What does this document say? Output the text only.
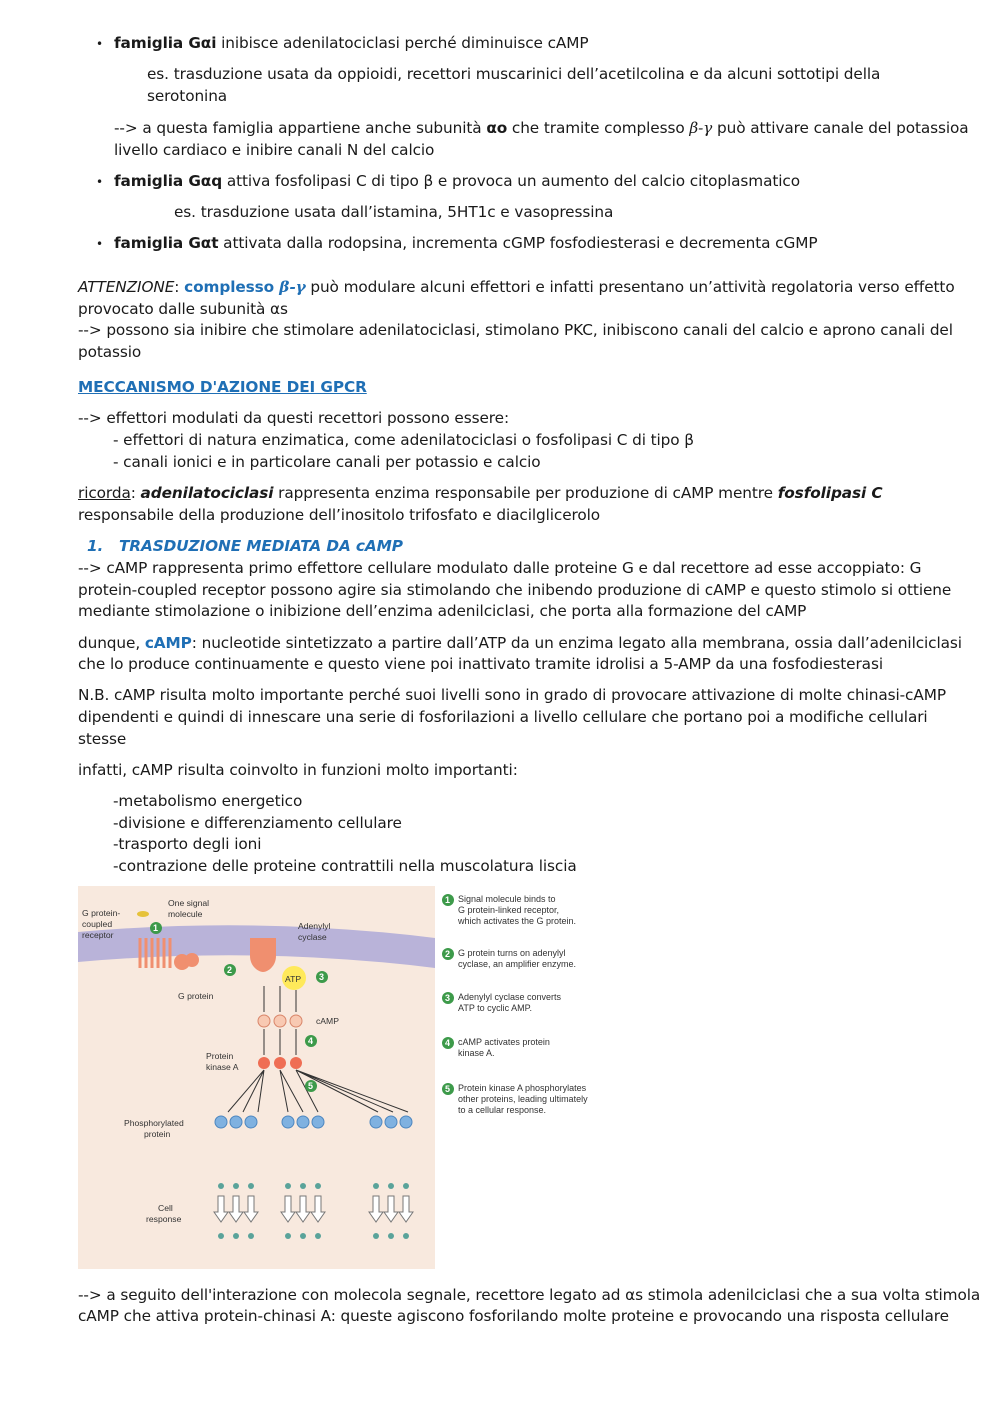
• famiglia Gαi inibisce adenilatociclasi perché diminuisce cAMP
es. trasduzione usata da oppioidi, recettori muscarinici dell’acetilcolina e da alcuni sottotipi della
serotonina
--> a questa famiglia appartiene anche subunità αo che tramite complesso β-γ può attivare canale del potassioa
livello cardiaco e inibire canali N del calcio
• famiglia Gαq attiva fosfolipasi C di tipo β e provoca un aumento del calcio citoplasmatico
es. trasduzione usata dall’istamina, 5HT1c e vasopressina
• famiglia Gαt attivata dalla rodopsina, incrementa cGMP fosfodiesterasi e decrementa cGMP
ATTENZIONE: complesso β-γ può modulare alcuni effettori e infatti presentano un’attività regolatoria verso effetto
provocato dalle subunità αs
--> possono sia inibire che stimolare adenilatociclasi, stimolano PKC, inibiscono canali del calcio e aprono canali del
potassio
MECCANISMO D'AZIONE DEI GPCR
--> effettori modulati da questi recettori possono essere:
- effettori di natura enzimatica, come adenilatociclasi o fosfolipasi C di tipo β
- canali ionici e in particolare canali per potassio e calcio
ricorda: adenilatociclasi rappresenta enzima responsabile per produzione di cAMP mentre fosfolipasi C
responsabile della produzione dell’inositolo trifosfato e diacilglicerolo
1. TRASDUZIONE MEDIATA DA cAMP
--> cAMP rappresenta primo effettore cellulare modulato dalle proteine G e dal recettore ad esse accoppiato: G
protein-coupled receptor possono agire sia stimolando che inibendo produzione di cAMP e questo stimolo si ottiene
mediante stimolazione o inibizione dell’enzima adenilciclasi, che porta alla formazione del cAMP
dunque, cAMP: nucleotide sintetizzato a partire dall’ATP da un enzima legato alla membrana, ossia dall’adenilciclasi
che lo produce continuamente e questo viene poi inattivato tramite idrolisi a 5-AMP da una fosfodiesterasi
N.B. cAMP risulta molto importante perché suoi livelli sono in grado di provocare attivazione di molte chinasi-cAMP
dipendenti e quindi di innescare una serie di fosforilazioni a livello cellulare che portano poi a modifiche cellulari
stesse
infatti, cAMP risulta coinvolto in funzioni molto importanti:
-metabolismo energetico
-divisione e differenziamento cellulare
-trasporto degli ioni
-contrazione delle proteine contrattili nella muscolatura liscia
G protein-
coupled
receptor
One signal
molecule
Adenylyl
cyclase
ATP
G protein
cAMP
Protein
kinase A
Phosphorylated
protein
Cell
response
1
2
3
4
5
1 Signal molecule binds to
G protein-linked receptor,
which activates the G protein.
2 G protein turns on adenylyl
cyclase, an amplifier enzyme.
3 Adenylyl cyclase converts
ATP to cyclic AMP.
4 cAMP activates protein
kinase A.
5 Protein kinase A phosphorylates
other proteins, leading ultimately
to a cellular response.
--> a seguito dell'interazione con molecola segnale, recettore legato ad αs stimola adenilciclasi che a sua volta stimola
cAMP che attiva protein-chinasi A: queste agiscono fosforilando molte proteine e provocando una risposta cellulare
